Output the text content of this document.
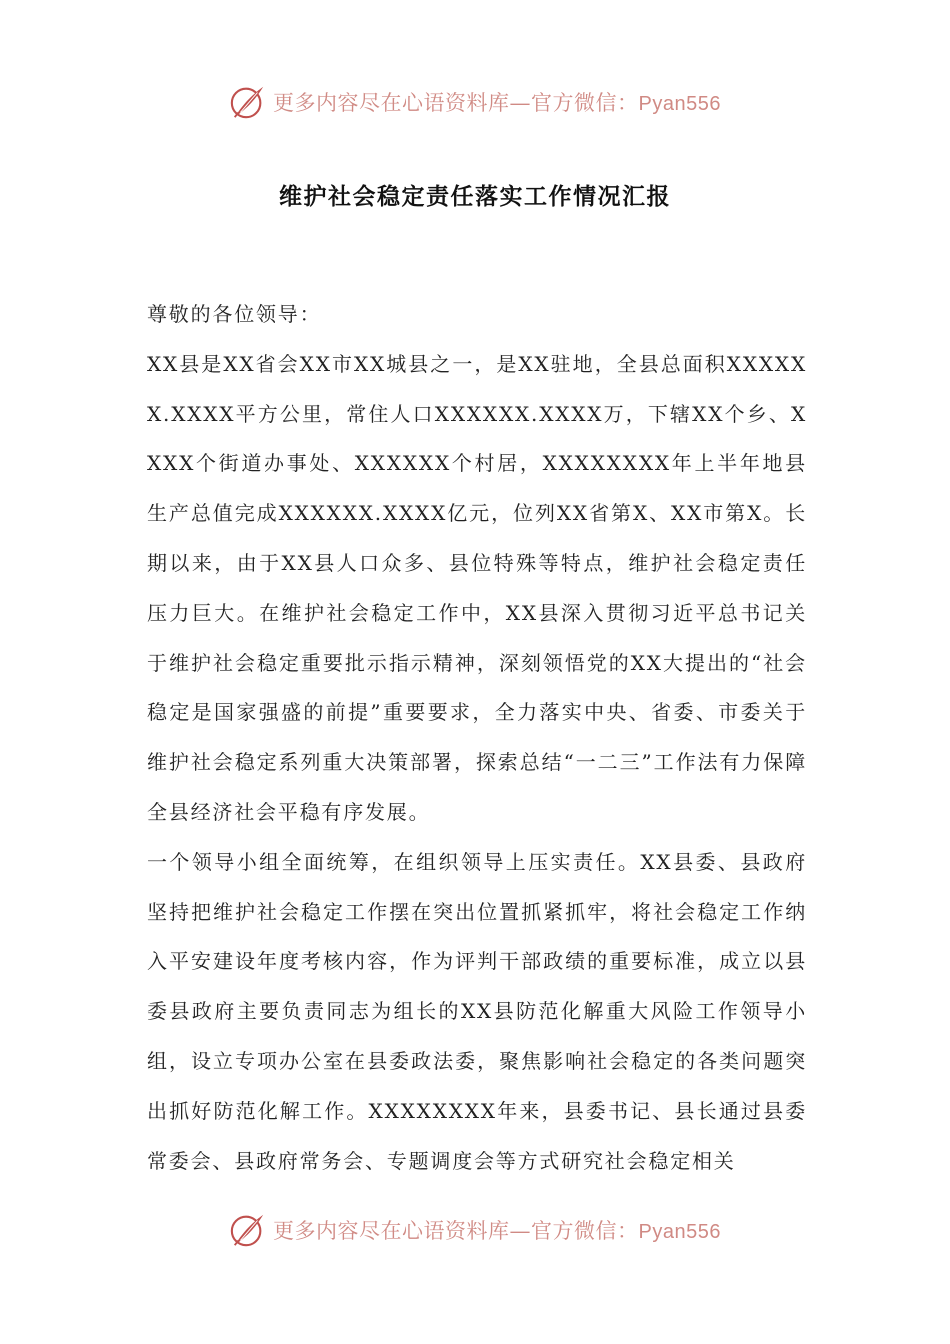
更多内容尽在心语资料库—官方微信：Pyan556
维护社会稳定责任落实工作情况汇报

尊敬的各位领导：

XX县是XX省会XX市XX城县之一，是XX驻地，全县总面积XXXXXX.XXXX平方公里，常住人口XXXXXX.XXXX万，下辖XX个乡、XXXX个街道办事处、XXXXXX个村居，XXXXXXXX年上半年地县生产总值完成XXXXXX.XXXX亿元，位列XX省第X、XX市第X。长期以来，由于XX县人口众多、县位特殊等特点，维护社会稳定责任压力巨大。在维护社会稳定工作中，XX县深入贯彻习近平总书记关于维护社会稳定重要批示指示精神，深刻领悟党的XX大提出的“社会稳定是国家强盛的前提”重要要求，全力落实中央、省委、市委关于维护社会稳定系列重大决策部署，探索总结“一二三”工作法有力保障全县经济社会平稳有序发展。

一个领导小组全面统筹，在组织领导上压实责任。XX县委、县政府坚持把维护社会稳定工作摆在突出位置抓紧抓牢，将社会稳定工作纳入平安建设年度考核内容，作为评判干部政绩的重要标准，成立以县委县政府主要负责同志为组长的XX县防范化解重大风险工作领导小组，设立专项办公室在县委政法委，聚焦影响社会稳定的各类问题突出抓好防范化解工作。XXXXXXXX年来，县委书记、县长通过县委常委会、县政府常务会、专题调度会等方式研究社会稳定相关

更多内容尽在心语资料库—官方微信：Pyan556
